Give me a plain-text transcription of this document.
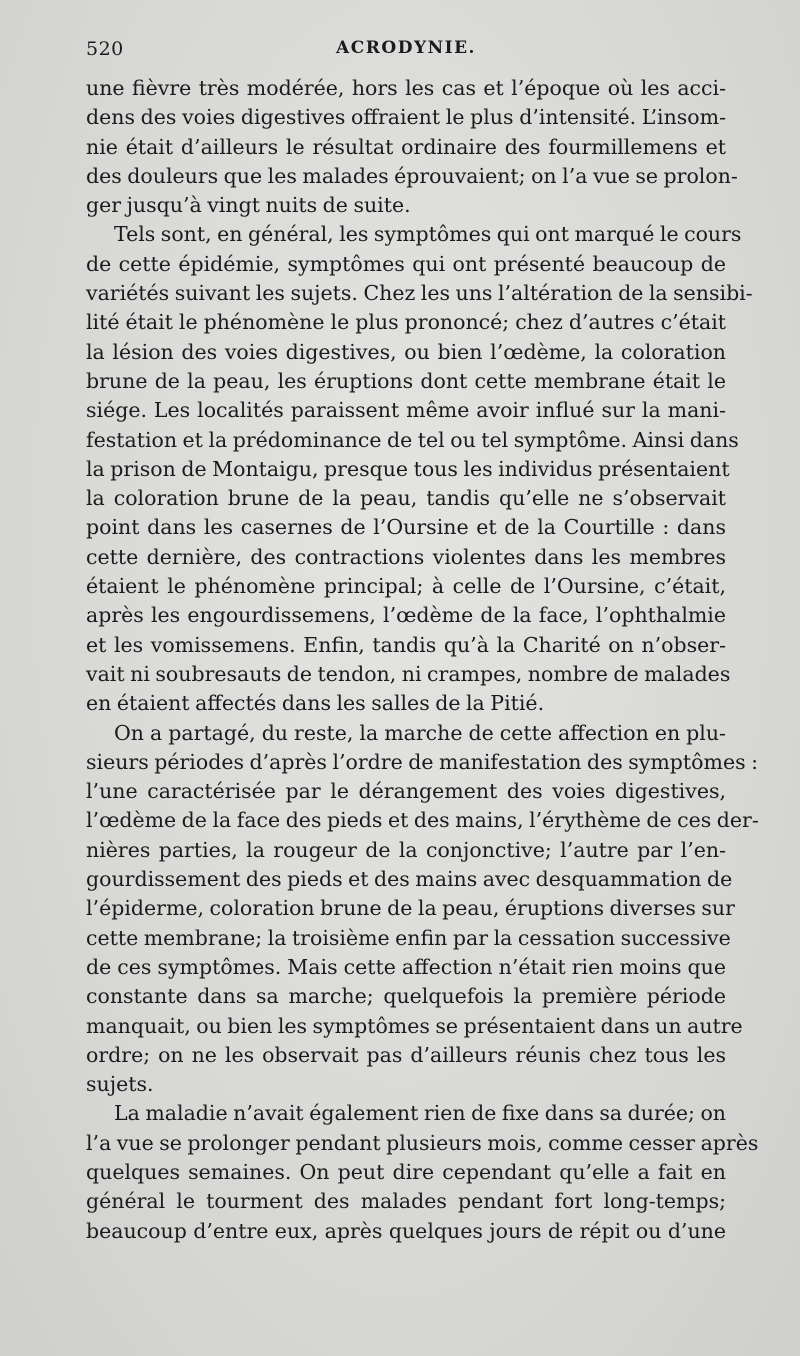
520	ACRODYNIE.
une fièvre très modérée, hors les cas et l’époque où les acci-
dens des voies digestives offraient le plus d’intensité. L’insom-
nie était d’ailleurs le résultat ordinaire des fourmillemens et
des douleurs que les malades éprouvaient; on l’a vue se prolon-
ger jusqu’à vingt nuits de suite.
Tels sont, en général, les symptômes qui ont marqué le cours
de cette épidémie, symptômes qui ont présenté beaucoup de
variétés suivant les sujets. Chez les uns l’altération de la sensibi-
lité était le phénomène le plus prononcé; chez d’autres c’était
la lésion des voies digestives, ou bien l’œdème, la coloration
brune de la peau, les éruptions dont cette membrane était le
siége. Les localités paraissent même avoir influé sur la mani-
festation et la prédominance de tel ou tel symptôme. Ainsi dans
la prison de Montaigu, presque tous les individus présentaient
la coloration brune de la peau, tandis qu’elle ne s’observait
point dans les casernes de l’Oursine et de la Courtille : dans
cette dernière, des contractions violentes dans les membres
étaient le phénomène principal; à celle de l’Oursine, c’était,
après les engourdissemens, l’œdème de la face, l’ophthalmie
et les vomissemens. Enfin, tandis qu’à la Charité on n’obser-
vait ni soubresauts de tendon, ni crampes, nombre de malades
en étaient affectés dans les salles de la Pitié.
On a partagé, du reste, la marche de cette affection en plu-
sieurs périodes d’après l’ordre de manifestation des symptômes :
l’une caractérisée par le dérangement des voies digestives,
l’œdème de la face des pieds et des mains, l’érythème de ces der-
nières parties, la rougeur de la conjonctive; l’autre par l’en-
gourdissement des pieds et des mains avec desquammation de
l’épiderme, coloration brune de la peau, éruptions diverses sur
cette membrane; la troisième enfin par la cessation successive
de ces symptômes. Mais cette affection n’était rien moins que
constante dans sa marche; quelquefois la première période
manquait, ou bien les symptômes se présentaient dans un autre
ordre; on ne les observait pas d’ailleurs réunis chez tous les
sujets.
La maladie n’avait également rien de fixe dans sa durée; on
l’a vue se prolonger pendant plusieurs mois, comme cesser après
quelques semaines. On peut dire cependant qu’elle a fait en
général le tourment des malades pendant fort long-temps;
beaucoup d’entre eux, après quelques jours de répit ou d’une
